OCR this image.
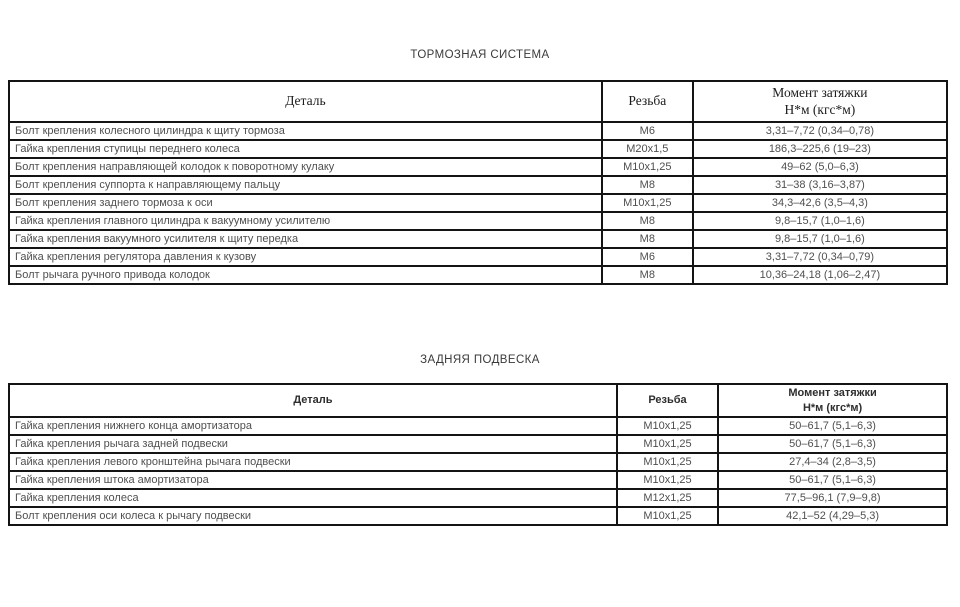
ТОРМОЗНАЯ СИСТЕМА
Деталь	Резьба	Момент затяжки
Н*м (кгс*м)
Болт крепления колесного цилиндра к щиту тормоза	М6	3,31–7,72 (0,34–0,78)
Гайка крепления ступицы переднего колеса	М20х1,5	186,3–225,6 (19–23)
Болт крепления направляющей колодок к поворотному кулаку	М10х1,25	49–62 (5,0–6,3)
Болт крепления суппорта к направляющему пальцу	М8	31–38 (3,16–3,87)
Болт крепления заднего тормоза к оси	М10х1,25	34,3–42,6 (3,5–4,3)
Гайка крепления главного цилиндра к вакуумному усилителю	М8	9,8–15,7 (1,0–1,6)
Гайка крепления вакуумного усилителя к щиту передка	М8	9,8–15,7 (1,0–1,6)
Гайка крепления регулятора давления к кузову	М6	3,31–7,72 (0,34–0,79)
Болт рычага ручного привода колодок	М8	10,36–24,18 (1,06–2,47)
ЗАДНЯЯ ПОДВЕСКА
Деталь	Резьба	Момент затяжки
Н*м (кгс*м)
Гайка крепления нижнего конца амортизатора	М10х1,25	50–61,7 (5,1–6,3)
Гайка крепления рычага задней подвески	М10х1,25	50–61,7 (5,1–6,3)
Гайка крепления левого кронштейна рычага подвески	М10х1,25	27,4–34 (2,8–3,5)
Гайка крепления штока амортизатора	М10х1,25	50–61,7 (5,1–6,3)
Гайка крепления колеса	М12х1,25	77,5–96,1 (7,9–9,8)
Болт крепления оси колеса к рычагу подвески	М10х1,25	42,1–52 (4,29–5,3)
